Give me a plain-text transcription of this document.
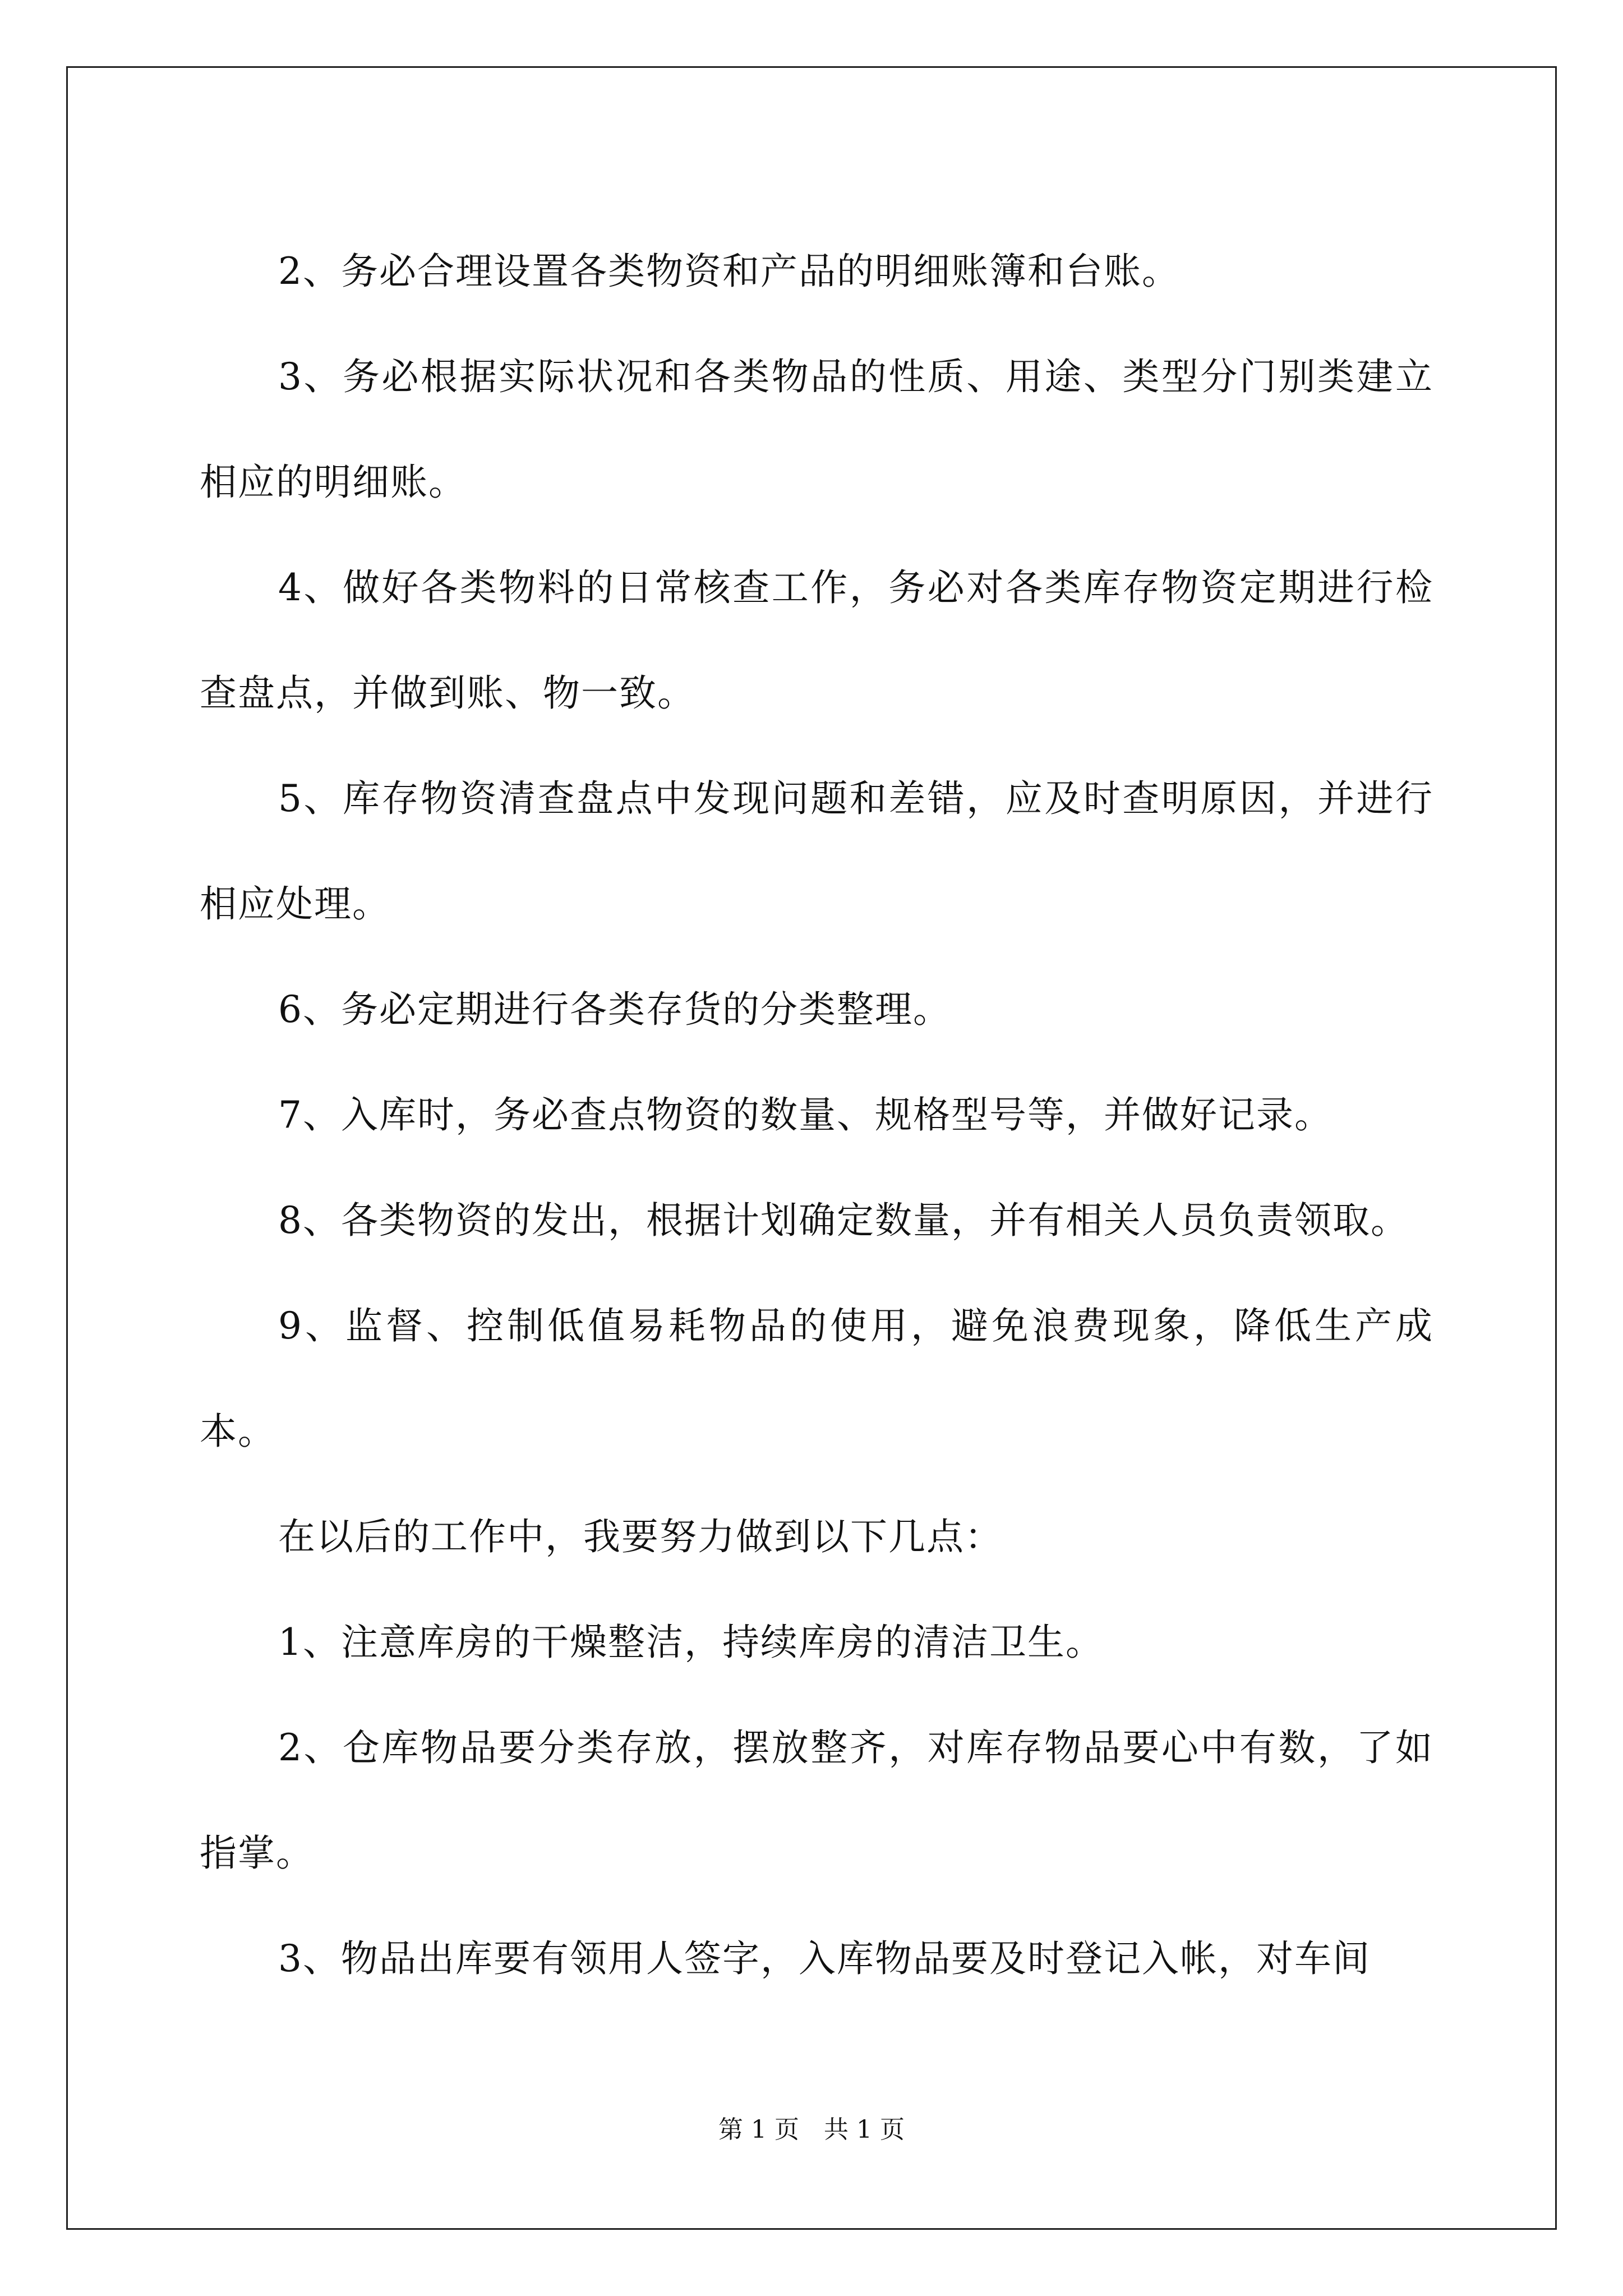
2、务必合理设置各类物资和产品的明细账簿和台账。

3、务必根据实际状况和各类物品的性质、用途、类型分门别类建立相应的明细账。

4、做好各类物料的日常核查工作，务必对各类库存物资定期进行检查盘点，并做到账、物一致。

5、库存物资清查盘点中发现问题和差错，应及时查明原因，并进行相应处理。

6、务必定期进行各类存货的分类整理。

7、入库时，务必查点物资的数量、规格型号等，并做好记录。

8、各类物资的发出，根据计划确定数量，并有相关人员负责领取。

9、监督、控制低值易耗物品的使用，避免浪费现象，降低生产成本。

在以后的工作中，我要努力做到以下几点：

1、注意库房的干燥整洁，持续库房的清洁卫生。

2、仓库物品要分类存放，摆放整齐，对库存物品要心中有数，了如指掌。

3、物品出库要有领用人签字，入库物品要及时登记入帐，对车间

第 1 页　共 1 页
